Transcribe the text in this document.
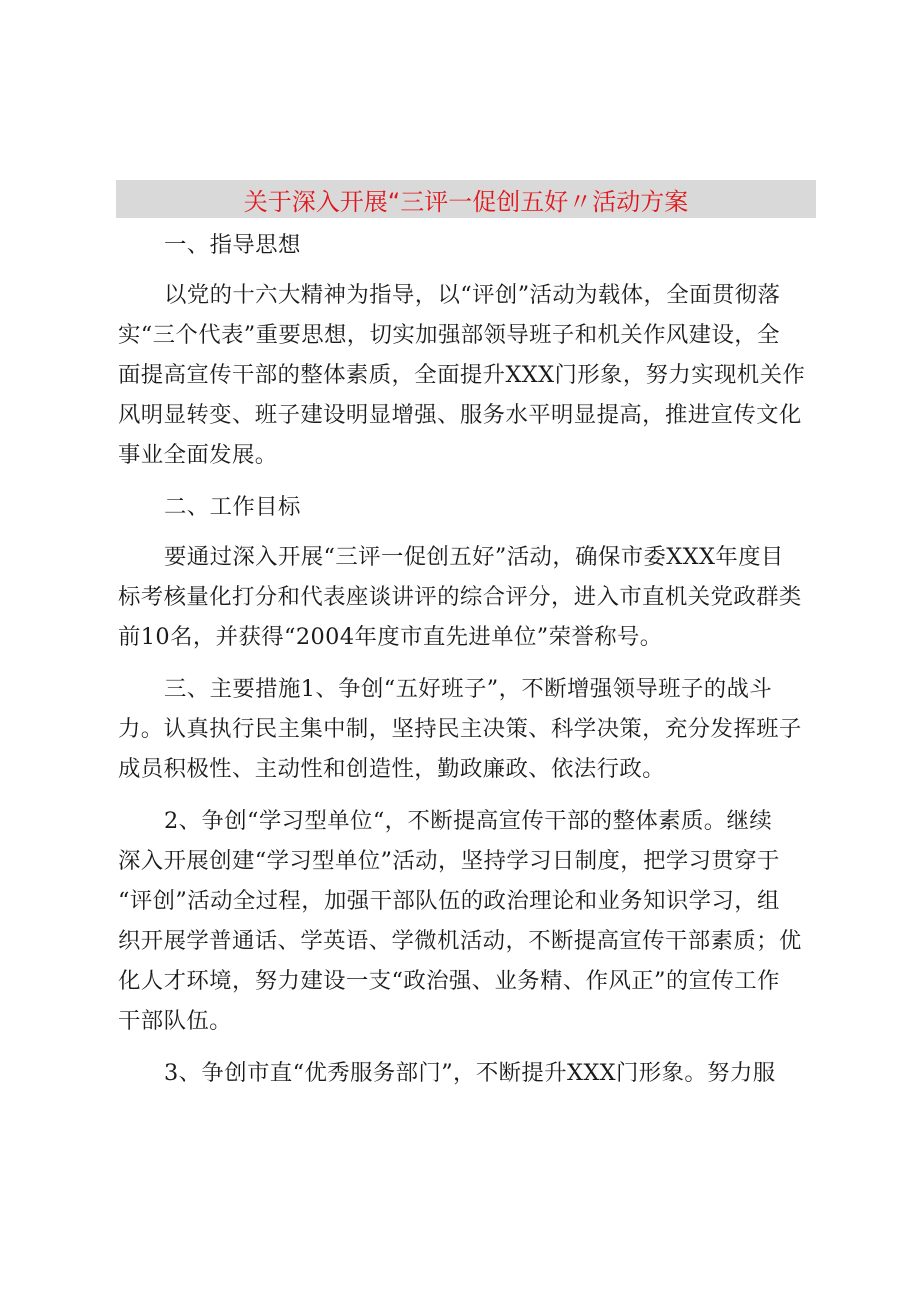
关于深入开展“三评一促创五好〃活动方案
一、指导思想
以党的十六大精神为指导，以“评创”活动为载体，全面贯彻落
实“三个代表”重要思想，切实加强部领导班子和机关作风建设，全
面提高宣传干部的整体素质，全面提升XXX门形象，努力实现机关作
风明显转变、班子建设明显增强、服务水平明显提高，推进宣传文化
事业全面发展。
二、工作目标
要通过深入开展“三评一促创五好”活动，确保市委XXX年度目
标考核量化打分和代表座谈讲评的综合评分，进入市直机关党政群类
前10名，并获得“2004年度市直先进单位”荣誉称号。
三、主要措施1、争创“五好班子”，不断增强领导班子的战斗
力。认真执行民主集中制，坚持民主决策、科学决策，充分发挥班子
成员积极性、主动性和创造性，勤政廉政、依法行政。
2、争创“学习型单位“，不断提高宣传干部的整体素质。继续
深入开展创建“学习型单位”活动，坚持学习日制度，把学习贯穿于
“评创”活动全过程，加强干部队伍的政治理论和业务知识学习，组
织开展学普通话、学英语、学微机活动，不断提高宣传干部素质；优
化人才环境，努力建设一支“政治强、业务精、作风正”的宣传工作
干部队伍。
3、争创市直“优秀服务部门”，不断提升XXX门形象。努力服
